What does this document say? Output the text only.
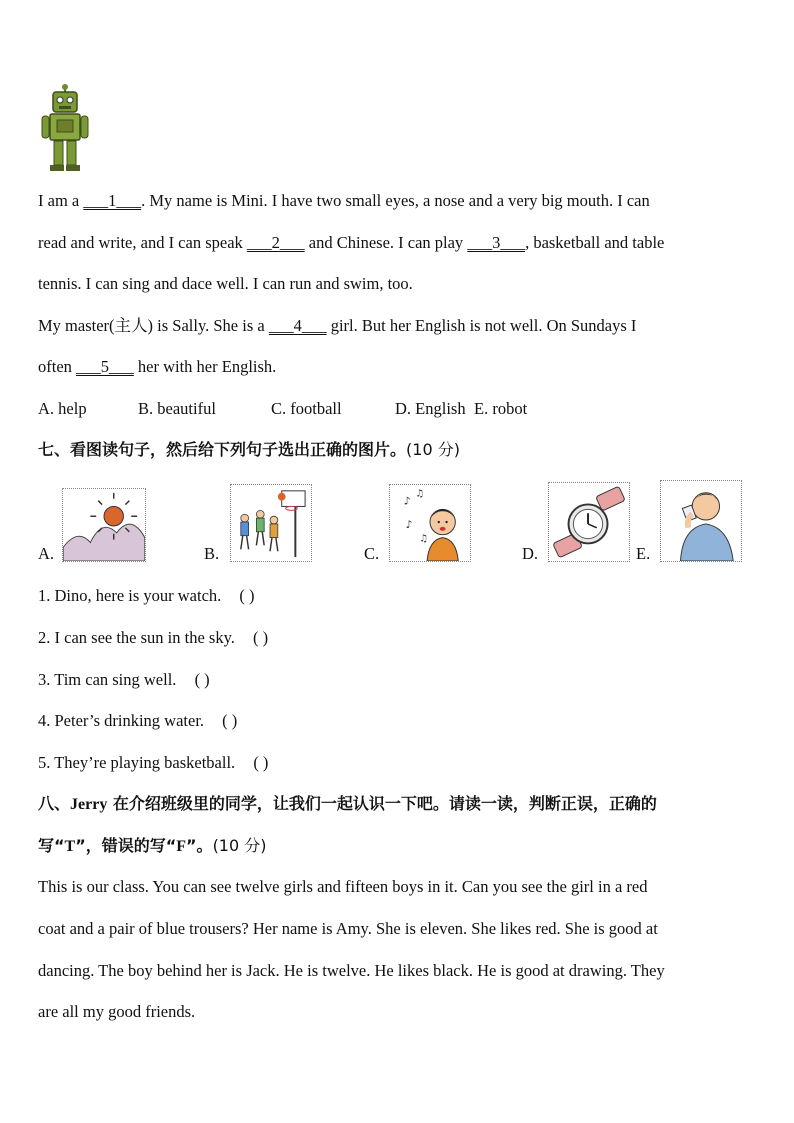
I am a ___1___. My name is Mini. I have two small eyes, a nose and a very big mouth. I can
read and write, and I can speak ___2___ and Chinese. I can play ___3___, basketball and table
tennis. I can sing and dace well. I can run and swim, too.
My master(主人) is Sally. She is a ___4___ girl. But her English is not well. On Sundays I
often ___5___ her with her English.
A. help	B. beautiful	C. football	D. English E. robot
七、看图读句子，然后给下列句子选出正确的图片。(10 分)
A.	B.	C.
♪
♫
♪
♫
D.	E.
1. Dino, here is your watch. ( )
2. I can see the sun in the sky. ( )
3. Tim can sing well. ( )
4. Peter’s drinking water. ( )
5. They’re playing basketball. ( )
八、Jerry 在介绍班级里的同学，让我们一起认识一下吧。请读一读，判断正误，正确的
写“T”，错误的写“F”。(10 分)
This is our class. You can see twelve girls and fifteen boys in it. Can you see the girl in a red
coat and a pair of blue trousers? Her name is Amy. She is eleven. She likes red. She is good at
dancing. The boy behind her is Jack. He is twelve. He likes black. He is good at drawing. They
are all my good friends.
